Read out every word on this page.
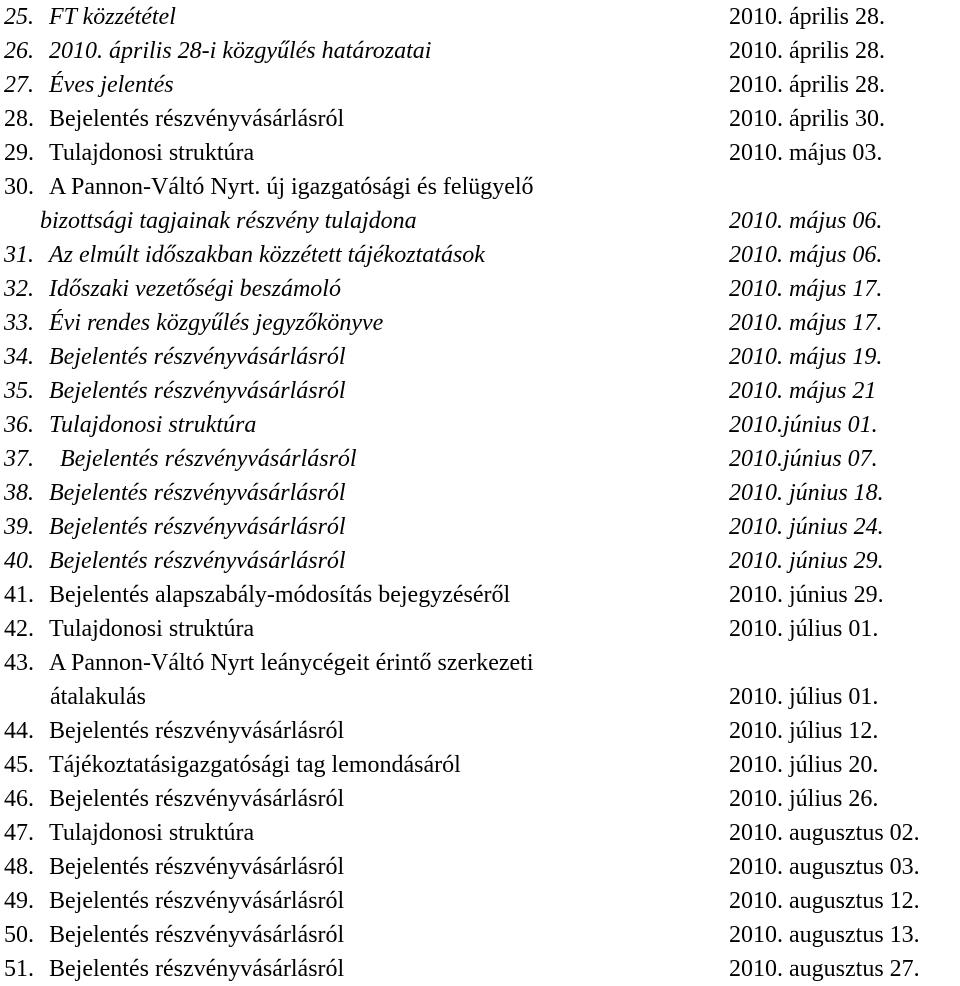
25. FT közzététel	2010. április 28.
26. 2010. április 28-i közgyűlés határozatai	2010. április 28.
27. Éves jelentés	2010. április 28.
28. Bejelentés részvényvásárlásról	2010. április 30.
29. Tulajdonosi struktúra	2010. május 03.
30. A Pannon-Váltó Nyrt. új igazgatósági és felügyelő
bizottsági tagjainak részvény tulajdona	2010. május 06.
31. Az elmúlt időszakban közzétett tájékoztatások	2010. május 06.
32. Időszaki vezetőségi beszámoló	2010. május 17.
33. Évi rendes közgyűlés jegyzőkönyve	2010. május 17.
34. Bejelentés részvényvásárlásról	2010. május 19.
35. Bejelentés részvényvásárlásról	2010. május 21
36. Tulajdonosi struktúra	2010.június 01.
37. Bejelentés részvényvásárlásról	2010.június 07.
38. Bejelentés részvényvásárlásról	2010. június 18.
39. Bejelentés részvényvásárlásról	2010. június 24.
40. Bejelentés részvényvásárlásról	2010. június 29.
41. Bejelentés alapszabály-módosítás bejegyzéséről	2010. június 29.
42. Tulajdonosi struktúra	2010. július 01.
43. A Pannon-Váltó Nyrt leánycégeit érintő szerkezeti
átalakulás	2010. július 01.
44. Bejelentés részvényvásárlásról	2010. július 12.
45. Tájékoztatásigazgatósági tag lemondásáról	2010. július 20.
46. Bejelentés részvényvásárlásról	2010. július 26.
47. Tulajdonosi struktúra	2010. augusztus 02.
48. Bejelentés részvényvásárlásról	2010. augusztus 03.
49. Bejelentés részvényvásárlásról	2010. augusztus 12.
50. Bejelentés részvényvásárlásról	2010. augusztus 13.
51. Bejelentés részvényvásárlásról	2010. augusztus 27.
